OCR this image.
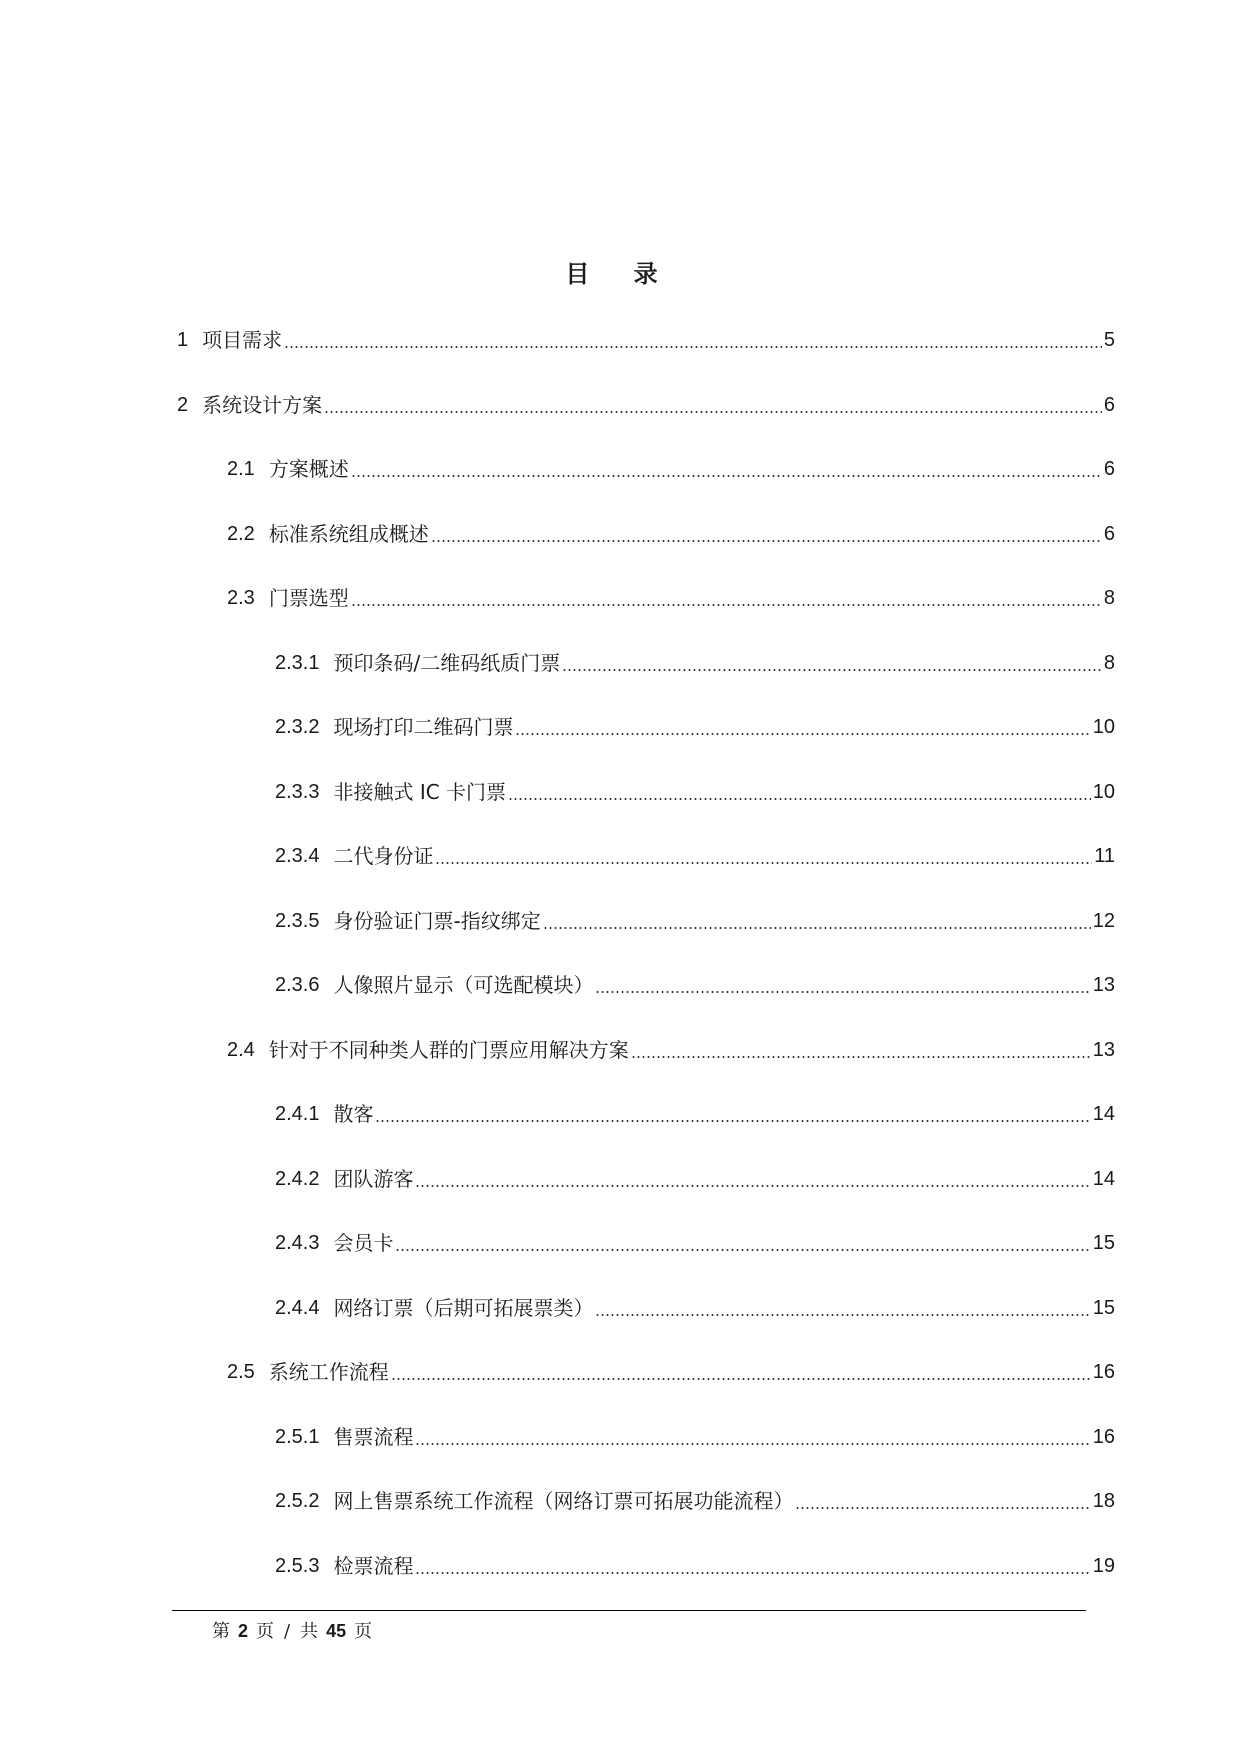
目 录
1 项目需求	5
2 系统设计方案	6
2.1 方案概述	6
2.2 标准系统组成概述	6
2.3 门票选型	8
2.3.1 预印条码/二维码纸质门票	8
2.3.2 现场打印二维码门票	10
2.3.3 非接触式 IC 卡门票	10
2.3.4 二代身份证	11
2.3.5 身份验证门票-指纹绑定	12
2.3.6 人像照片显示（可选配模块）	13
2.4 针对于不同种类人群的门票应用解决方案	13
2.4.1 散客	14
2.4.2 团队游客	14
2.4.3 会员卡	15
2.4.4 网络订票（后期可拓展票类）	15
2.5 系统工作流程	16
2.5.1 售票流程	16
2.5.2 网上售票系统工作流程（网络订票可拓展功能流程）	18
2.5.3 检票流程	19
第 2 页 / 共 45 页
